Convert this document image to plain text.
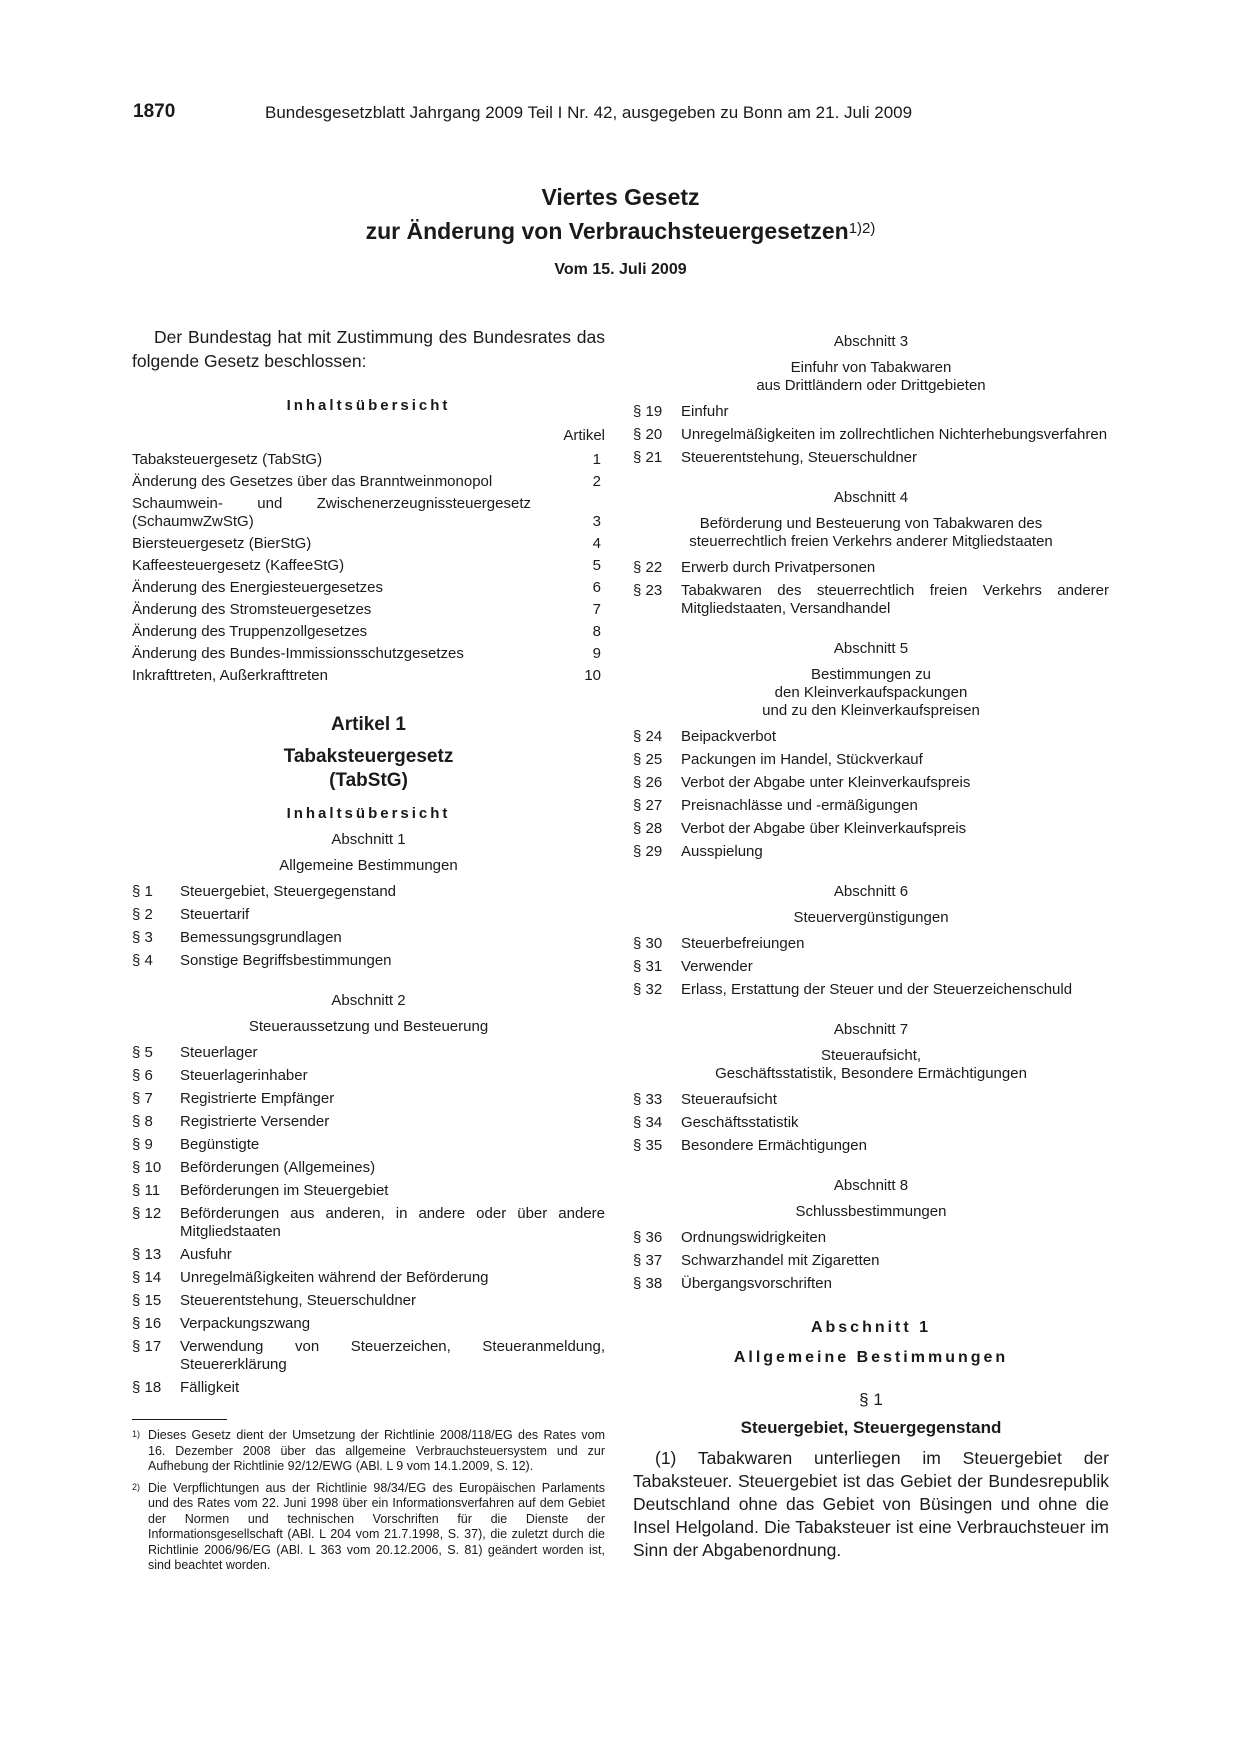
1870	Bundesgesetzblatt Jahrgang 2009 Teil I Nr. 42, ausgegeben zu Bonn am 21. Juli 2009
Viertes Gesetz
zur Änderung von Verbrauchsteuergesetzen$^{1)2)}$
Vom 15. Juli 2009

Der Bundestag hat mit Zustimmung des Bundesrates das folgende Gesetz beschlossen:

Inhaltsübersicht
Artikel
Tabaksteuergesetz (TabStG)	1
Änderung des Gesetzes über das Branntweinmonopol	2
Schaumwein- und Zwischenerzeugnissteuergesetz (SchaumwZwStG)	3
Biersteuergesetz (BierStG)	4
Kaffeesteuergesetz (KaffeeStG)	5
Änderung des Energiesteuergesetzes	6
Änderung des Stromsteuergesetzes	7
Änderung des Truppenzollgesetzes	8
Änderung des Bundes-Immissionsschutzgesetzes	9
Inkrafttreten, Außerkrafttreten	10
Artikel 1
Tabaksteuergesetz
(TabStG)
Inhaltsübersicht
Abschnitt 1
Allgemeine Bestimmungen
§ 1	Steuergebiet, Steuergegenstand
§ 2	Steuertarif
§ 3	Bemessungsgrundlagen
§ 4	Sonstige Begriffsbestimmungen
Abschnitt 2
Steueraussetzung und Besteuerung
§ 5	Steuerlager
§ 6	Steuerlagerinhaber
§ 7	Registrierte Empfänger
§ 8	Registrierte Versender
§ 9	Begünstigte
§ 10	Beförderungen (Allgemeines)
§ 11	Beförderungen im Steuergebiet
§ 12	Beförderungen aus anderen, in andere oder über andere Mitgliedstaaten
§ 13	Ausfuhr
§ 14	Unregelmäßigkeiten während der Beförderung
§ 15	Steuerentstehung, Steuerschuldner
§ 16	Verpackungszwang
§ 17	Verwendung von Steuerzeichen, Steueranmeldung, Steuererklärung
§ 18	Fälligkeit
1) Dieses Gesetz dient der Umsetzung der Richtlinie 2008/118/EG des Rates vom 16. Dezember 2008 über das allgemeine Verbrauchsteuersystem und zur Aufhebung der Richtlinie 92/12/EWG (ABl. L 9 vom 14.1.2009, S. 12).
2) Die Verpflichtungen aus der Richtlinie 98/34/EG des Europäischen Parlaments und des Rates vom 22. Juni 1998 über ein Informationsverfahren auf dem Gebiet der Normen und technischen Vorschriften für die Dienste der Informationsgesellschaft (ABl. L 204 vom 21.7.1998, S. 37), die zuletzt durch die Richtlinie 2006/96/EG (ABl. L 363 vom 20.12.2006, S. 81) geändert worden ist, sind beachtet worden.
Abschnitt 3
Einfuhr von Tabakwaren
aus Drittländern oder Drittgebieten
§ 19	Einfuhr
§ 20	Unregelmäßigkeiten im zollrechtlichen Nichterhebungsverfahren
§ 21	Steuerentstehung, Steuerschuldner
Abschnitt 4
Beförderung und Besteuerung von Tabakwaren des
steuerrechtlich freien Verkehrs anderer Mitgliedstaaten
§ 22	Erwerb durch Privatpersonen
§ 23	Tabakwaren des steuerrechtlich freien Verkehrs anderer Mitgliedstaaten, Versandhandel
Abschnitt 5
Bestimmungen zu
den Kleinverkaufspackungen
und zu den Kleinverkaufspreisen
§ 24	Beipackverbot
§ 25	Packungen im Handel, Stückverkauf
§ 26	Verbot der Abgabe unter Kleinverkaufspreis
§ 27	Preisnachlässe und -ermäßigungen
§ 28	Verbot der Abgabe über Kleinverkaufspreis
§ 29	Ausspielung
Abschnitt 6
Steuervergünstigungen
§ 30	Steuerbefreiungen
§ 31	Verwender
§ 32	Erlass, Erstattung der Steuer und der Steuerzeichenschuld
Abschnitt 7
Steueraufsicht,
Geschäftsstatistik, Besondere Ermächtigungen
§ 33	Steueraufsicht
§ 34	Geschäftsstatistik
§ 35	Besondere Ermächtigungen
Abschnitt 8
Schlussbestimmungen
§ 36	Ordnungswidrigkeiten
§ 37	Schwarzhandel mit Zigaretten
§ 38	Übergangsvorschriften
Abschnitt 1
Allgemeine Bestimmungen
§ 1
Steuergebiet, Steuergegenstand

(1) Tabakwaren unterliegen im Steuergebiet der Tabaksteuer. Steuergebiet ist das Gebiet der Bundesrepublik Deutschland ohne das Gebiet von Büsingen und ohne die Insel Helgoland. Die Tabaksteuer ist eine Verbrauchsteuer im Sinn der Abgabenordnung.
